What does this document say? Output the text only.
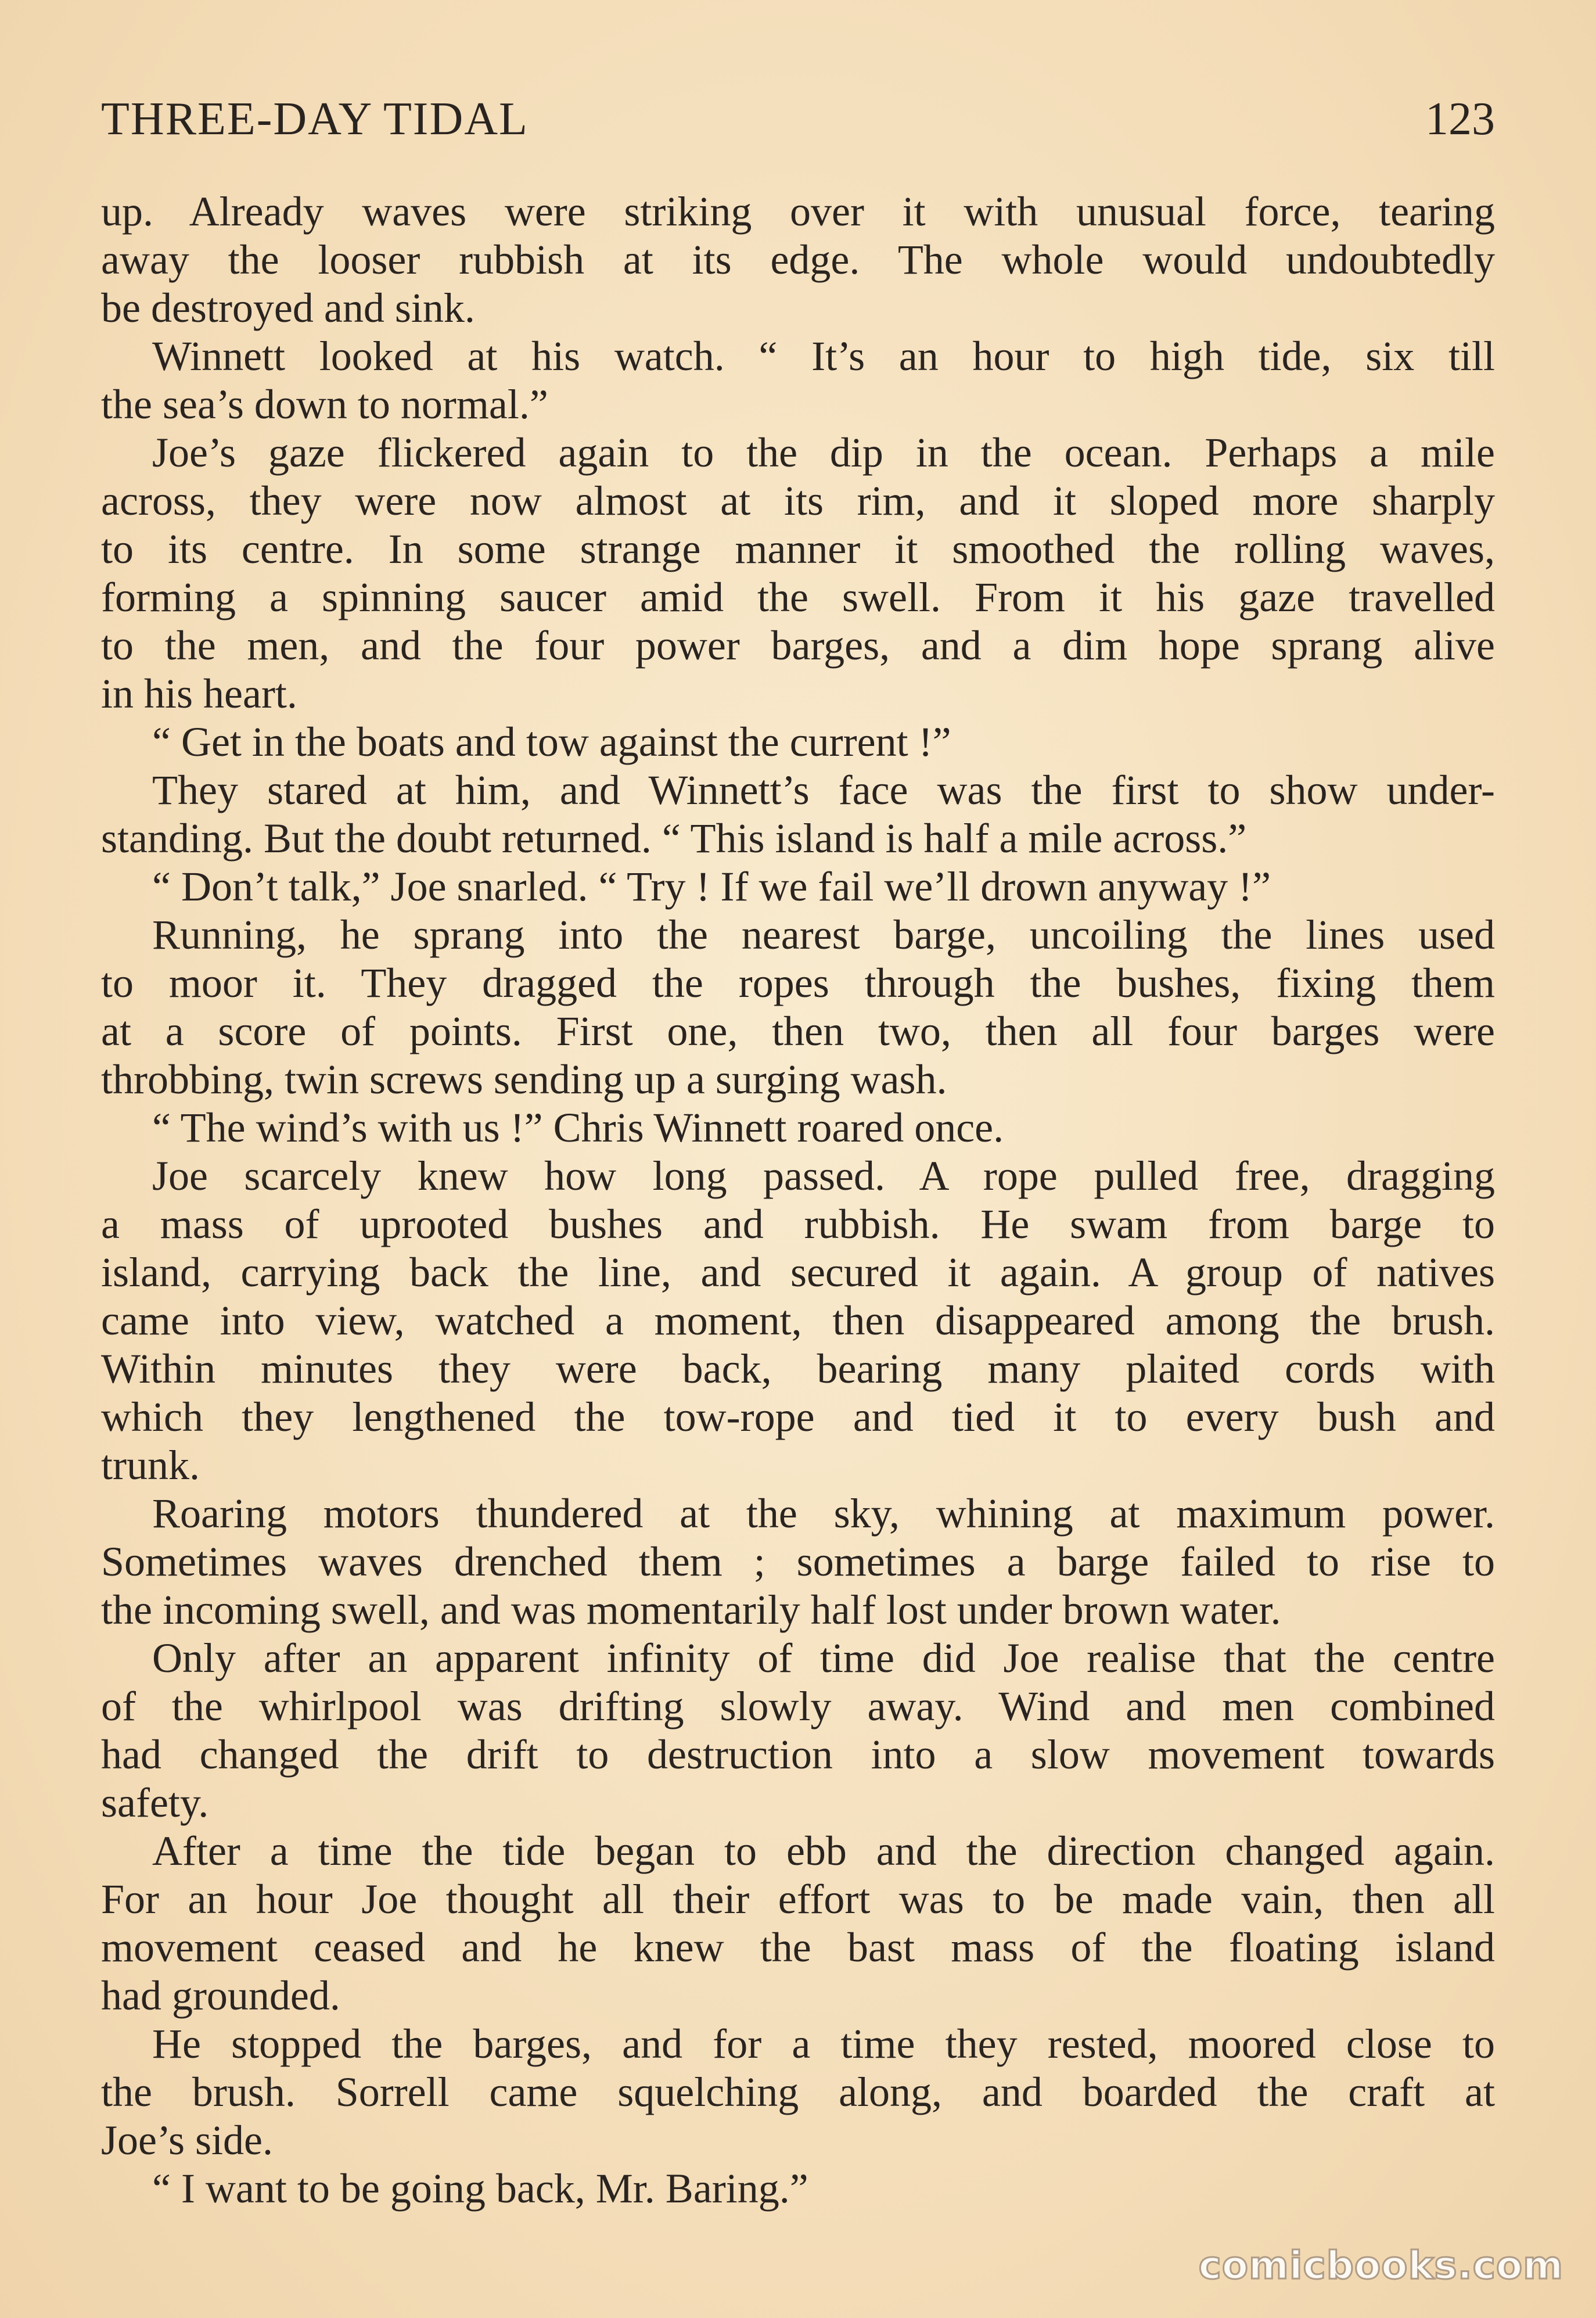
THREE-DAY TIDAL	123
up. Already waves were striking over it with unusual force, tearing
away the looser rubbish at its edge. The whole would undoubtedly
be destroyed and sink.
Winnett looked at his watch. “ It’s an hour to high tide, six till
the sea’s down to normal.”
Joe’s gaze flickered again to the dip in the ocean. Perhaps a mile
across, they were now almost at its rim, and it sloped more sharply
to its centre. In some strange manner it smoothed the rolling waves,
forming a spinning saucer amid the swell. From it his gaze travelled
to the men, and the four power barges, and a dim hope sprang alive
in his heart.
“ Get in the boats and tow against the current !”
They stared at him, and Winnett’s face was the first to show under-
standing. But the doubt returned. “ This island is half a mile across.”
“ Don’t talk,” Joe snarled. “ Try ! If we fail we’ll drown anyway !”
Running, he sprang into the nearest barge, uncoiling the lines used
to moor it. They dragged the ropes through the bushes, fixing them
at a score of points. First one, then two, then all four barges were
throbbing, twin screws sending up a surging wash.
“ The wind’s with us !” Chris Winnett roared once.
Joe scarcely knew how long passed. A rope pulled free, dragging
a mass of uprooted bushes and rubbish. He swam from barge to
island, carrying back the line, and secured it again. A group of natives
came into view, watched a moment, then disappeared among the brush.
Within minutes they were back, bearing many plaited cords with
which they lengthened the tow-rope and tied it to every bush and
trunk.
Roaring motors thundered at the sky, whining at maximum power.
Sometimes waves drenched them ; sometimes a barge failed to rise to
the incoming swell, and was momentarily half lost under brown water.
Only after an apparent infinity of time did Joe realise that the centre
of the whirlpool was drifting slowly away. Wind and men combined
had changed the drift to destruction into a slow movement towards
safety.
After a time the tide began to ebb and the direction changed again.
For an hour Joe thought all their effort was to be made vain, then all
movement ceased and he knew the bast mass of the floating island
had grounded.
He stopped the barges, and for a time they rested, moored close to
the brush. Sorrell came squelching along, and boarded the craft at
Joe’s side.
“ I want to be going back, Mr. Baring.”
comicbooks.com
